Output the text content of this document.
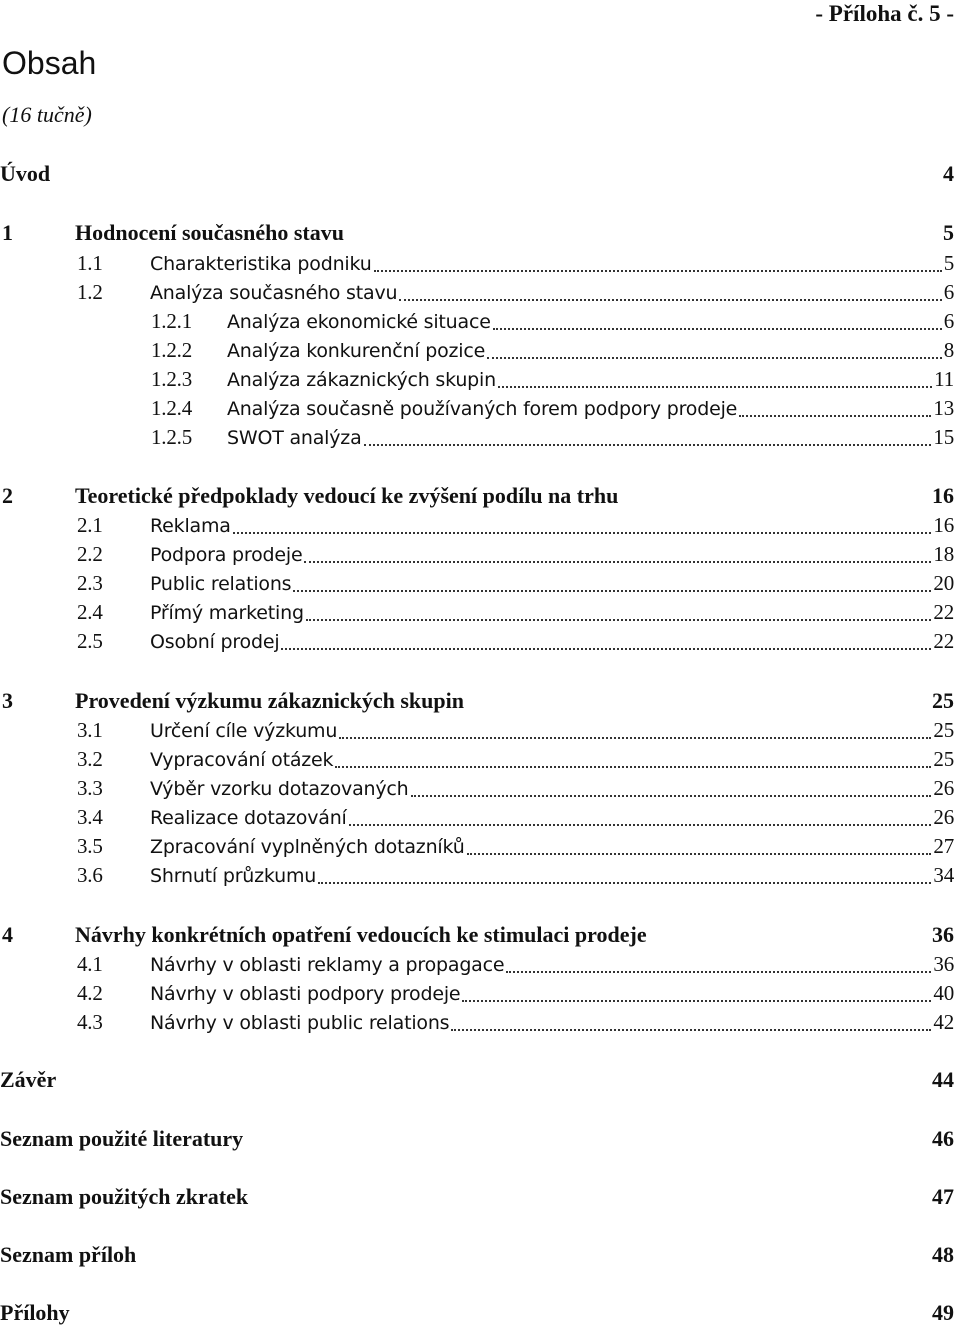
- Příloha č. 5 -
Obsah
(16 tučně)
Úvod	4
1	Hodnocení současného stavu	5
1.1	Charakteristika podniku	5
1.2	Analýza současného stavu	6
1.2.1	Analýza ekonomické situace	6
1.2.2	Analýza konkurenční pozice	8
1.2.3	Analýza zákaznických skupin	11
1.2.4	Analýza současně používaných forem podpory prodeje	13
1.2.5	SWOT analýza	15
2	Teoretické předpoklady vedoucí ke zvýšení podílu na trhu	16
2.1	Reklama	16
2.2	Podpora prodeje	18
2.3	Public relations	20
2.4	Přímý marketing	22
2.5	Osobní prodej	22
3	Provedení výzkumu zákaznických skupin	25
3.1	Určení cíle výzkumu	25
3.2	Vypracování otázek	25
3.3	Výběr vzorku dotazovaných	26
3.4	Realizace dotazování	26
3.5	Zpracování vyplněných dotazníků	27
3.6	Shrnutí průzkumu	34
4	Návrhy konkrétních opatření vedoucích ke stimulaci prodeje	36
4.1	Návrhy v oblasti reklamy a propagace	36
4.2	Návrhy v oblasti podpory prodeje	40
4.3	Návrhy v oblasti public relations	42
Závěr	44
Seznam použité literatury	46
Seznam použitých zkratek	47
Seznam příloh	48
Přílohy	49
